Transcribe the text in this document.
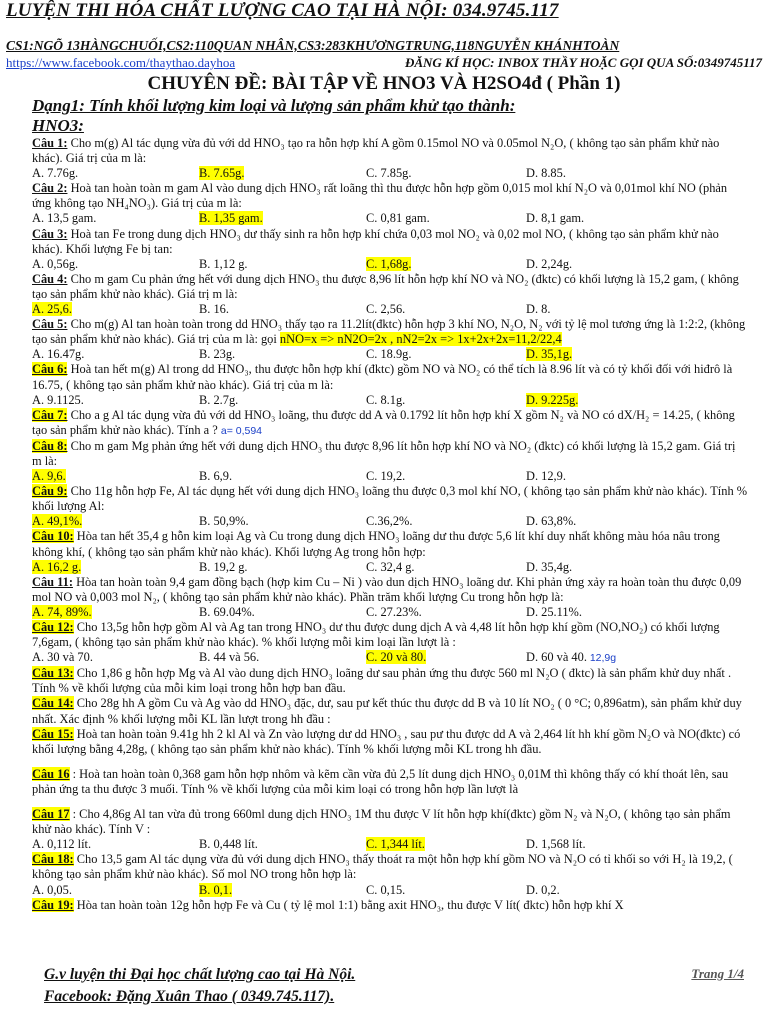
LUYỆN THI HÓA CHẤT LƯỢNG CAO TẠI HÀ NỘI: 034.9745.117
CS1:NGÕ 13HÀNGCHUỐI,CS2:110QUAN NHÂN,CS3:283KHƯƠNGTRUNG,118NGUYỄN KHÁNHTOÀN
https://www.facebook.com/thaythao.dayhoa	ĐĂNG KÍ HỌC: INBOX THẦY HOẶC GỌI QUA SỐ:0349745117
CHUYÊN ĐỀ: BÀI TẬP VỀ HNO3 VÀ H2SO4đ ( Phần 1)
Dạng1: Tính khối lượng kim loại và lượng sản phẩm khử tạo thành:
HNO3:

Câu 1: Cho m(g) Al tác dụng vừa đủ với dd HNO₃ tạo ra hỗn hợp khí A gồm 0.15mol NO và 0.05mol N₂O, ( không tạo sản phẩm khử nào khác). Giá trị của m là:

A. 7.76g.	B. 7.65g.	C. 7.85g.	D. 8.85.

Câu 2: Hoà tan hoàn toàn m gam Al vào dung dịch HNO₃ rất loãng thì thu được hỗn hợp gồm 0,015 mol khí N₂O và 0,01mol khí NO (phản ứng không tạo NH₄NO₃). Giá trị của m là:

A. 13,5 gam.	B. 1,35 gam.	C. 0,81 gam.	D. 8,1 gam.

Câu 3: Hoà tan Fe trong dung dịch HNO₃ dư thấy sinh ra hỗn hợp khí chứa 0,03 mol NO₂ và 0,02 mol NO, ( không tạo sản phẩm khử nào khác). Khối lượng Fe bị tan:

A. 0,56g.	B. 1,12 g.	C. 1,68g.	D. 2,24g.

Câu 4: Cho m gam Cu phản ứng hết với dung dịch HNO₃ thu được 8,96 lít hỗn hợp khí NO và NO₂ (đktc) có khối lượng là 15,2 gam, ( không tạo sản phẩm khử nào khác). Giá trị m là:

A. 25,6.	B. 16.	C. 2,56.	D. 8.

Câu 5: Cho m(g) Al tan hoàn toàn trong dd HNO₃ thấy tạo ra 11.2lít(đktc) hỗn hợp 3 khí NO, N₂O, N₂ với tỷ lệ mol tương ứng là 1:2:2, (không tạo sản phẩm khử nào khác). Giá trị của m là: gọi nNO=x => nN2O=2x , nN2=2x => 1x+2x+2x=11,2/22,4

A. 16.47g.	B. 23g.	C. 18.9g.	D. 35,1g.

Câu 6: Hoà tan hết m(g) Al trong dd HNO₃, thu được hỗn hợp khí (đktc) gồm NO và NO₂ có thể tích là 8.96 lít và có tỷ khối đối với hiđrô là 16.75, ( không tạo sản phẩm khử nào khác). Giá trị của m là:

A. 9.1125.	B. 2.7g.	C. 8.1g.	D. 9.225g.

Câu 7: Cho a g Al tác dụng vừa đủ với dd HNO₃ loãng, thu được dd A và 0.1792 lít hỗn hợp khí X gồm N₂ và NO có dX/H₂ = 14.25, ( không tạo sản phẩm khử nào khác). Tính a ? a= 0,594

Câu 8: Cho m gam Mg phản ứng hết với dung dịch HNO₃ thu được 8,96 lít hỗn hợp khí NO và NO₂ (đktc) có khối lượng là 15,2 gam. Giá trị m là:

A. 9,6.	B. 6,9.	C. 19,2.	D. 12,9.

Câu 9: Cho 11g hỗn hợp Fe, Al tác dụng hết với dung dịch HNO₃ loãng thu được 0,3 mol khí NO, ( không tạo sản phẩm khử nào khác). Tính % khối lượng Al:

A. 49,1%.	B. 50,9%.	C.36,2%.	D. 63,8%.

Câu 10: Hòa tan hết 35,4 g hỗn kim loại Ag và Cu trong dung dịch HNO₃ loãng dư thu được 5,6 lít khí duy nhất không màu hóa nâu trong không khí, ( không tạo sản phẩm khử nào khác). Khối lượng Ag trong hỗn hợp:

A. 16,2 g.	B. 19,2 g.	C. 32,4 g.	D. 35,4g.

Câu 11: Hòa tan hoàn toàn 9,4 gam đồng bạch (hợp kim Cu – Ni ) vào dun dịch HNO₃ loãng dư. Khi phản ứng xảy ra hoàn toàn thu được 0,09 mol NO và 0,003 mol N₂, ( không tạo sản phẩm khử nào khác). Phần trăm khối lượng Cu trong hỗn hợp là:

A. 74, 89%.	B. 69.04%.	C. 27.23%.	D. 25.11%.

Câu 12: Cho 13,5g hỗn hợp gồm Al và Ag tan trong HNO₃ dư thu được dung dịch A và 4,48 lít hỗn hợp khí gồm (NO,NO₂) có khối lượng 7,6gam, ( không tạo sản phẩm khử nào khác). % khối lượng mỗi kim loại lần lượt là :

A. 30 và 70.	B. 44 và 56.	C. 20 và 80.	D. 60 và 40. 12,9g

Câu 13: Cho 1,86 g hỗn hợp Mg và Al vào dung dịch HNO₃ loãng dư sau phản ứng thu được 560 ml N₂O ( đktc) là sản phẩm khử duy nhất . Tính % về khối lượng của mỗi kim loại trong hỗn hợp ban đầu.

Câu 14: Cho 28g hh A gồm Cu và Ag vào dd HNO₃ đặc, dư, sau pư kết thúc thu được dd B và 10 lít NO₂ ( 0 °C; 0,896atm), sản phẩm khử duy nhất. Xác định % khối lượng mỗi KL lần lượt trong hh đầu :

Câu 15: Hoà tan hoàn toàn 9.41g hh 2 kl Al và Zn vào lượng dư dd HNO₃ , sau pư thu được dd A và 2,464 lít hh khí gồm N₂O và NO(đktc) có khối lượng bằng 4,28g, ( không tạo sản phẩm khử nào khác). Tính % khối lượng mỗi KL trong hh đầu.

Câu 16 : Hoà tan hoàn toàn 0,368 gam hỗn hợp nhôm và kẽm cần vừa đủ 2,5 lít dung dịch HNO₃ 0,01M thì không thấy có khí thoát lên, sau phản ứng ta thu được 3 muối. Tính % về khối lượng của mỗi kim loại có trong hỗn hợp lần lượt là

Câu 17 : Cho 4,86g Al tan vừa đủ trong 660ml dung dịch HNO₃ 1M thu được V lít hỗn hợp khí(đktc) gồm N₂ và N₂O, ( không tạo sản phẩm khử nào khác). Tính V :

A. 0,112 lít.	B. 0,448 lít.	C. 1,344 lít.	D. 1,568 lít.

Câu 18: Cho 13,5 gam Al tác dụng vừa đủ với dung dịch HNO₃ thấy thoát ra một hỗn hợp khí gồm NO và N₂O có tỉ khối so với H₂ là 19,2, ( không tạo sản phẩm khử nào khác). Số mol NO trong hỗn hợp là:

A. 0,05.	B. 0,1.	C. 0,15.	D. 0,2.

Câu 19: Hòa tan hoàn toàn 12g hỗn hợp Fe và Cu ( tỷ lệ mol 1:1) bằng axit HNO₃, thu được V lít( đktc) hỗn hợp khí X

G.v luyện thi Đại học chất lượng cao tại Hà Nội.	Trang 1/4
Facebook: Đặng Xuân Thao ( 0349.745.117).
